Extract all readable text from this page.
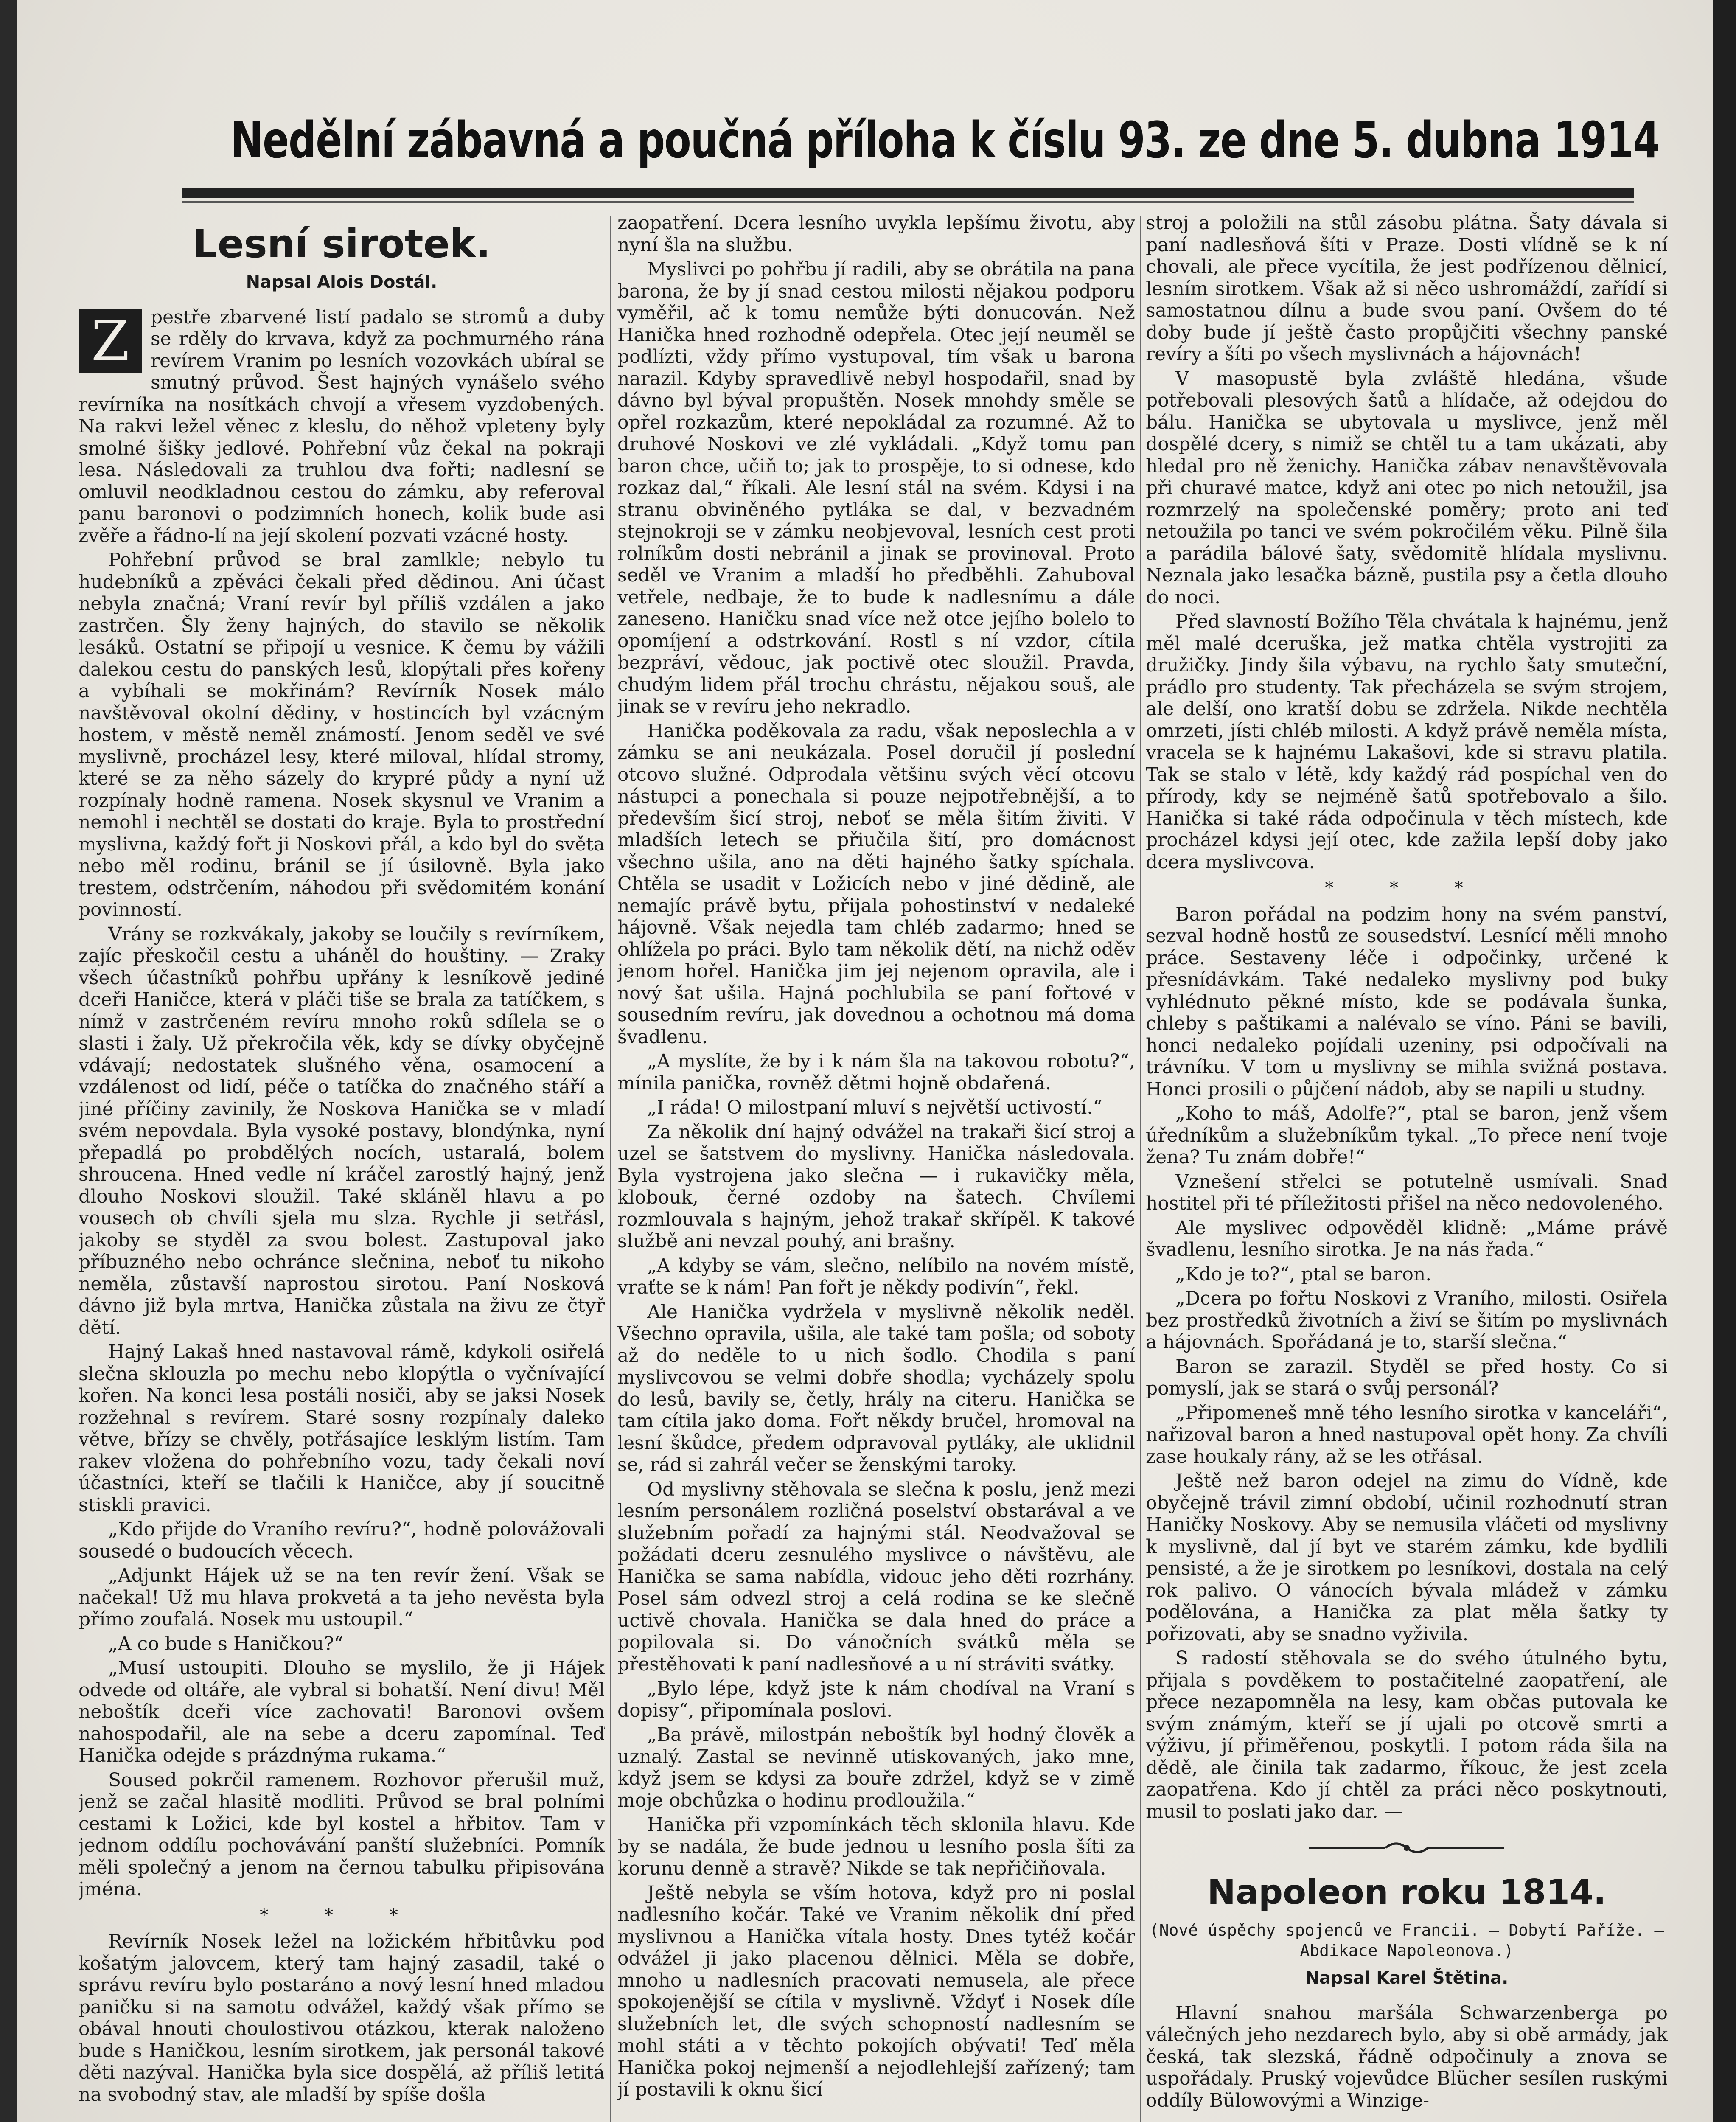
Nedělní zábavná a poučná příloha k číslu 93. ze dne 5. dubna 1914
Lesní sirotek.
Napsal Alois Dostál.

Z	pestře zbarvené listí padalo se stromů a duby se rděly do krvava, když za pochmurného rána revírem Vranim po lesních vozovkách ubíral se smutný průvod. Šest hajných vynášelo svého revírníka na nosítkách chvojí a vřesem vyzdobených. Na rakvi ležel věnec z kleslu, do něhož vpleteny byly smolné šišky jedlové. Pohřební vůz čekal na pokraji lesa. Následovali za truhlou dva fořti; nadlesní se omluvil neodkladnou cestou do zámku, aby referoval panu baronovi o podzimních honech, kolik bude asi zvěře a řádno-lí na její skolení pozvati vzácné hosty.

Pohřební průvod se bral zamlkle; nebylo tu hudebníků a zpěváci čekali před dědinou. Ani účast nebyla značná; Vraní revír byl příliš vzdálen a jako zastrčen. Šly ženy hajných, do stavilo se několik lesáků. Ostatní se připojí u vesnice. K čemu by vážili dalekou cestu do panských lesů, klopýtali přes kořeny a vybíhali se mokřinám? Revírník Nosek málo navštěvoval okolní dědiny, v hostincích byl vzácným hostem, v městě neměl známostí. Jenom seděl ve své myslivně, procházel lesy, které miloval, hlídal stromy, které se za něho sázely do krypré půdy a nyní už rozpínaly hodně ramena. Nosek skysnul ve Vranim a nemohl i nechtěl se dostati do kraje. Byla to prostřední myslivna, každý fořt ji Noskovi přál, a kdo byl do světa nebo měl rodinu, bránil se jí úsilovně. Byla jako trestem, odstrčením, náhodou při svědomitém konání povinností.

Vrány se rozkvákaly, jakoby se loučily s revírníkem, zajíc přeskočil cestu a uháněl do houštiny. — Zraky všech účastníků pohřbu upřány k lesníkově jediné dceři Haničce, která v pláči tiše se brala za tatíčkem, s nímž v zastrčeném revíru mnoho roků sdílela se o slasti i žaly. Už překročila věk, kdy se dívky obyčejně vdávají; nedostatek slušného věna, osamocení a vzdálenost od lidí, péče o tatíčka do značného stáří a jiné příčiny zavinily, že Noskova Hanička se v mladí svém nepovdala. Byla vysoké postavy, blondýnka, nyní přepadlá po probdělých nocích, ustaralá, bolem shroucena. Hned vedle ní kráčel zarostlý hajný, jenž dlouho Noskovi sloužil. Také skláněl hlavu a po vousech ob chvíli sjela mu slza. Rychle ji setřásl, jakoby se styděl za svou bolest. Zastupoval jako příbuzného nebo ochránce slečnina, neboť tu nikoho neměla, zůstavší naprostou sirotou. Paní Nosková dávno již byla mrtva, Hanička zůstala na živu ze čtyř dětí.

Hajný Lakaš hned nastavoval rámě, kdykoli osiřelá slečna sklouzla po mechu nebo klopýtla o vyčnívající kořen. Na konci lesa postáli nosiči, aby se jaksi Nosek rozžehnal s revírem. Staré sosny rozpínaly daleko větve, břízy se chvěly, potřásajíce lesklým listím. Tam rakev vložena do pohřebního vozu, tady čekali noví účastníci, kteří se tlačili k Haničce, aby jí soucitně stiskli pravici.

„Kdo přijde do Vraního revíru?“, hodně polovážovali sousedé o budoucích věcech.

„Adjunkt Hájek už se na ten revír žení. Však se načekal! Už mu hlava prokvetá a ta jeho nevěsta byla přímo zoufalá. Nosek mu ustoupil.“

„A co bude s Haničkou?“

„Musí ustoupiti. Dlouho se myslilo, že ji Hájek odvede od oltáře, ale vybral si bohatší. Není divu! Měl neboštík dceři více zachovati! Baronovi ovšem nahospodařil, ale na sebe a dceru zapomínal. Teď Hanička odejde s prázdnýma rukama.“

Soused pokrčil ramenem. Rozhovor přerušil muž, jenž se začal hlasitě modliti. Průvod se bral polními cestami k Ložici, kde byl kostel a hřbitov. Tam v jednom oddílu pochovávání panští služebníci. Pomník měli společný a jenom na černou tabulku připisována jména.

* * *

Revírník Nosek ležel na ložickém hřbitůvku pod košatým jalovcem, který tam hajný zasadil, také o správu revíru bylo postaráno a nový lesní hned mladou paničku si na samotu odvážel, každý však přímo se obával hnouti choulostivou otázkou, kterak naloženo bude s Haničkou, lesním sirotkem, jak personál takové děti nazýval. Hanička byla sice dospělá, až příliš letitá na svobodný stav, ale mladší by spíše došla

zaopatření. Dcera lesního uvykla lepšímu životu, aby nyní šla na službu.

Myslivci po pohřbu jí radili, aby se obrátila na pana barona, že by jí snad cestou milosti nějakou podporu vyměřil, ač k tomu nemůže býti donucován. Než Hanička hned rozhodně odepřela. Otec její neuměl se podlízti, vždy přímo vystupoval, tím však u barona narazil. Kdyby spravedlivě nebyl hospodařil, snad by dávno byl býval propuštěn. Nosek mnohdy směle se opřel rozkazům, které nepokládal za rozumné. Až to druhové Noskovi ve zlé vykládali. „Když tomu pan baron chce, učiň to; jak to prospěje, to si odnese, kdo rozkaz dal,“ říkali. Ale lesní stál na svém. Kdysi i na stranu obviněného pytláka se dal, v bezvadném stejnokroji se v zámku neobjevoval, lesních cest proti rolníkům dosti nebránil a jinak se provinoval. Proto seděl ve Vranim a mladší ho předběhli. Zahuboval vetřele, nedbaje, že to bude k nadlesnímu a dále zaneseno. Haničku snad více než otce jejího bolelo to opomíjení a odstrkování. Rostl s ní vzdor, cítila bezpráví, vědouc, jak poctivě otec sloužil. Pravda, chudým lidem přál trochu chrástu, nějakou souš, ale jinak se v revíru jeho nekradlo.

Hanička poděkovala za radu, však neposlechla a v zámku se ani neukázala. Posel doručil jí poslední otcovo služné. Odprodala většinu svých věcí otcovu nástupci a ponechala si pouze nejpotřebnější, a to především šicí stroj, neboť se měla šitím živiti. V mladších letech se přiučila šití, pro domácnost všechno ušila, ano na děti hajného šatky spíchala. Chtěla se usadit v Ložicích nebo v jiné dědině, ale nemajíc právě bytu, přijala pohostinství v nedaleké hájovně. Však nejedla tam chléb zadarmo; hned se ohlížela po práci. Bylo tam několik dětí, na nichž oděv jenom hořel. Hanička jim jej nejenom opravila, ale i nový šat ušila. Hajná pochlubila se paní fořtové v sousedním revíru, jak dovednou a ochotnou má doma švadlenu.

„A myslíte, že by i k nám šla na takovou robotu?“, mínila panička, rovněž dětmi hojně obdařená.

„I ráda! O milostpaní mluví s největší uctivostí.“

Za několik dní hajný odvážel na trakaři šicí stroj a uzel se šatstvem do myslivny. Hanička následovala. Byla vystrojena jako slečna — i rukavičky měla, klobouk, černé ozdoby na šatech. Chvílemi rozmlouvala s hajným, jehož trakař skřípěl. K takové službě ani nevzal pouhý, ani brašny.

„A kdyby se vám, slečno, nelíbilo na novém místě, vraťte se k nám! Pan fořt je někdy podivín“, řekl.

Ale Hanička vydržela v myslivně několik neděl. Všechno opravila, ušila, ale také tam pošla; od soboty až do neděle to u nich šodlo. Chodila s paní myslivcovou se velmi dobře shodla; vycházely spolu do lesů, bavily se, četly, hrály na citeru. Hanička se tam cítila jako doma. Fořt někdy bručel, hromoval na lesní škůdce, předem odpravoval pytláky, ale uklidnil se, rád si zahrál večer se ženskými taroky.

Od myslivny stěhovala se slečna k poslu, jenž mezi lesním personálem rozličná poselství obstarával a ve služebním pořadí za hajnými stál. Neodvažoval se požádati dceru zesnulého myslivce o návštěvu, ale Hanička se sama nabídla, vidouc jeho děti rozrhány. Posel sám odvezl stroj a celá rodina se ke slečně uctivě chovala. Hanička se dala hned do práce a popilovala si. Do vánočních svátků měla se přestěhovati k paní nadlesňové a u ní stráviti svátky.

„Bylo lépe, když jste k nám chodíval na Vraní s dopisy“, připomínala poslovi.

„Ba právě, milostpán neboštík byl hodný člověk a uznalý. Zastal se nevinně utiskovaných, jako mne, když jsem se kdysi za bouře zdržel, když se v zimě moje obchůzka o hodinu prodloužila.“

Hanička při vzpomínkách těch sklonila hlavu. Kde by se nadála, že bude jednou u lesního posla šíti za korunu denně a stravě? Nikde se tak nepřičiňovala.

Ještě nebyla se vším hotova, když pro ni poslal nadlesního kočár. Také ve Vranim několik dní před myslivnou a Hanička vítala hosty. Dnes tytéž kočár odvážel ji jako placenou dělnici. Měla se dobře, mnoho u nadlesních pracovati nemusela, ale přece spokojenější se cítila v myslivně. Vždyť i Nosek díle služebních let, dle svých schopností nadlesním se mohl státi a v těchto pokojích obývati! Teď měla Hanička pokoj nejmenší a nejodlehlejší zařízený; tam jí postavili k oknu šicí

stroj a položili na stůl zásobu plátna. Šaty dávala si paní nadlesňová šíti v Praze. Dosti vlídně se k ní chovali, ale přece vycítila, že jest podřízenou dělnicí, lesním sirotkem. Však až si něco ushromáždí, zařídí si samostatnou dílnu a bude svou paní. Ovšem do té doby bude jí ještě často propůjčiti všechny panské revíry a šíti po všech myslivnách a hájovnách!

V masopustě byla zvláště hledána, všude potřebovali plesových šatů a hlídače, až odejdou do bálu. Hanička se ubytovala u myslivce, jenž měl dospělé dcery, s nimiž se chtěl tu a tam ukázati, aby hledal pro ně ženichy. Hanička zábav nenavštěvovala při churavé matce, když ani otec po nich netoužil, jsa rozmrzelý na společenské poměry; proto ani teď netoužila po tanci ve svém pokročilém věku. Pilně šila a parádila bálové šaty, svědomitě hlídala myslivnu. Neznala jako lesačka bázně, pustila psy a četla dlouho do noci.

Před slavností Božího Těla chvátala k hajnému, jenž měl malé dceruška, jež matka chtěla vystrojiti za družičky. Jindy šila výbavu, na rychlo šaty smuteční, prádlo pro studenty. Tak přecházela se svým strojem, ale delší, ono kratší dobu se zdržela. Nikde nechtěla omrzeti, jísti chléb milosti. A když právě neměla místa, vracela se k hajnému Lakašovi, kde si stravu platila. Tak se stalo v létě, kdy každý rád pospíchal ven do přírody, kdy se nejméně šatů spotřebovalo a šilo. Hanička si také ráda odpočinula v těch místech, kde procházel kdysi její otec, kde zažila lepší doby jako dcera myslivcova.

* * *

Baron pořádal na podzim hony na svém panství, sezval hodně hostů ze sousedství. Lesnící měli mnoho práce. Sestaveny léče i odpočinky, určené k přesnídávkám. Také nedaleko myslivny pod buky vyhlédnuto pěkné místo, kde se podávala šunka, chleby s paštikami a nalévalo se víno. Páni se bavili, honci nedaleko pojídali uzeniny, psi odpočívali na trávníku. V tom u myslivny se mihla svižná postava. Honci prosili o půjčení nádob, aby se napili u studny.

„Koho to máš, Adolfe?“, ptal se baron, jenž všem úředníkům a služebníkům tykal. „To přece není tvoje žena? Tu znám dobře!“

Vznešení střelci se potutelně usmívali. Snad hostitel při té příležitosti přišel na něco nedovoleného.

Ale myslivec odpověděl klidně: „Máme právě švadlenu, lesního sirotka. Je na nás řada.“

„Kdo je to?“, ptal se baron.

„Dcera po fořtu Noskovi z Vraního, milosti. Osiřela bez prostředků životních a živí se šitím po myslivnách a hájovnách. Spořádaná je to, starší slečna.“

Baron se zarazil. Styděl se před hosty. Co si pomyslí, jak se stará o svůj personál?

„Připomeneš mně tého lesního sirotka v kanceláři“, nařizoval baron a hned nastupoval opět hony. Za chvíli zase houkaly rány, až se les otřásal.

Ještě než baron odejel na zimu do Vídně, kde obyčejně trávil zimní období, učinil rozhodnutí stran Haničky Noskovy. Aby se nemusila vláčeti od myslivny k myslivně, dal jí byt ve starém zámku, kde bydlili pensisté, a že je sirotkem po lesníkovi, dostala na celý rok palivo. O vánocích bývala mládež v zámku podělována, a Hanička za plat měla šatky ty pořizovati, aby se snadno vyživila.

S radostí stěhovala se do svého útulného bytu, přijala s povděkem to postačitelné zaopatření, ale přece nezapomněla na lesy, kam občas putovala ke svým známým, kteří se jí ujali po otcově smrti a výživu, jí přiměřenou, poskytli. I potom ráda šila na dědě, ale činila tak zadarmo, říkouc, že jest zcela zaopatřena. Kdo jí chtěl za práci něco poskytnouti, musil to poslati jako dar. —

Napoleon roku 1814.
(Nové úspěchy spojenců ve Francii. — Dobytí Paříže. — Abdikace Napoleonova.)
Napsal Karel Štětina.

Hlavní snahou maršála Schwarzenberga po válečných jeho nezdarech bylo, aby si obě armády, jak česká, tak slezská, řádně odpočinuly a znova se uspořádaly. Pruský vojevůdce Blücher sesílen ruskými oddíly Bülowovými a Winzige-
